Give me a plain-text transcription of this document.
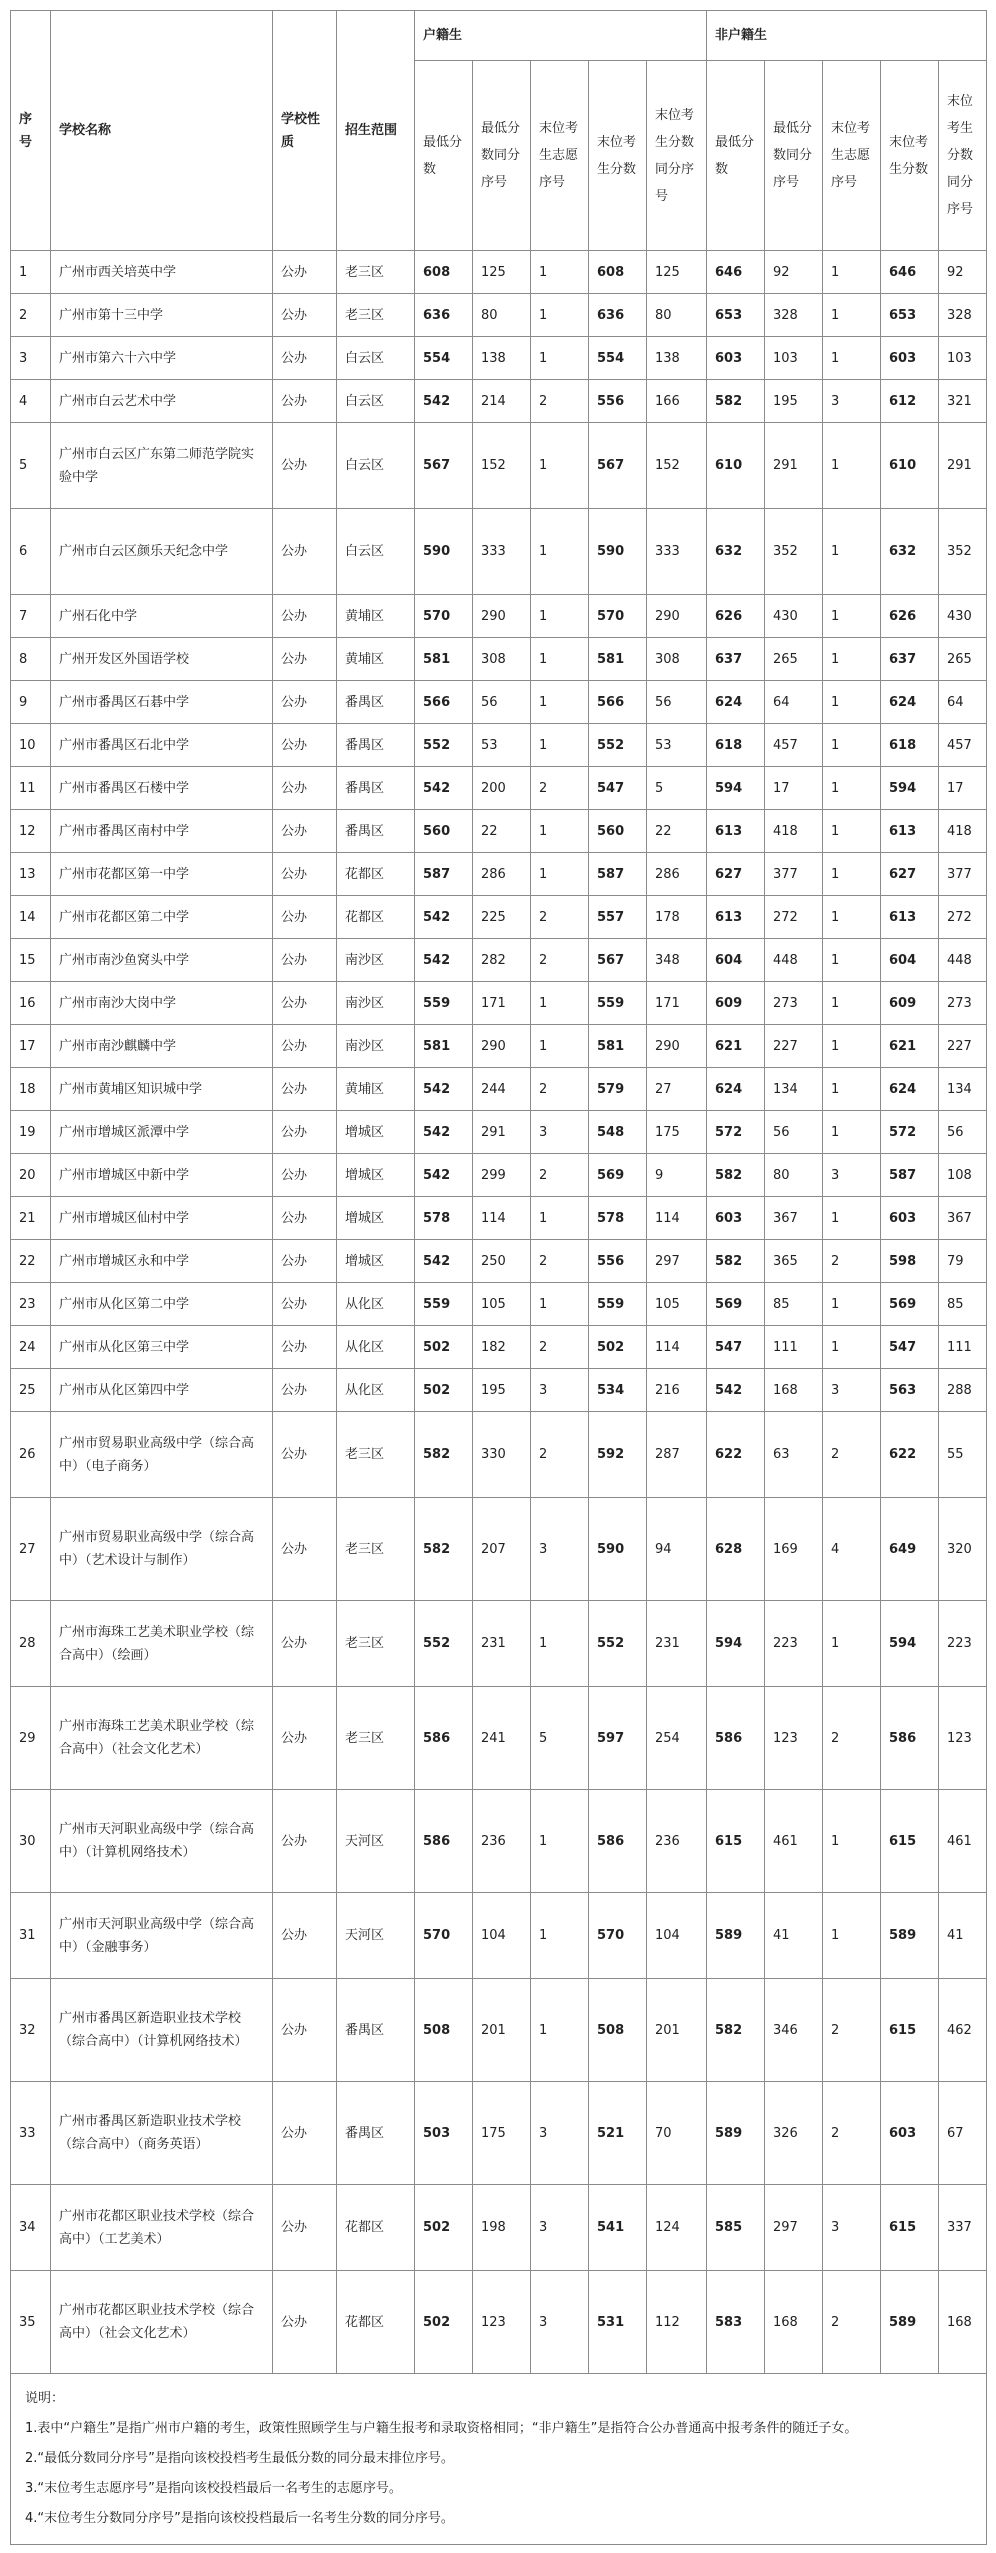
序号	学校名称	学校性质	招生范围	户籍生					非户籍生				
				最低分数	最低分数同分序号	末位考生志愿序号	末位考生分数	末位考生分数同分序号	最低分数	最低分数同分序号	末位考生志愿序号	末位考生分数	末位考生分数同分序号
1	广州市西关培英中学	公办	老三区	608	125	1	608	125	646	92	1	646	92
2	广州市第十三中学	公办	老三区	636	80	1	636	80	653	328	1	653	328
3	广州市第六十六中学	公办	白云区	554	138	1	554	138	603	103	1	603	103
4	广州市白云艺术中学	公办	白云区	542	214	2	556	166	582	195	3	612	321
5	广州市白云区广东第二师范学院实验中学	公办	白云区	567	152	1	567	152	610	291	1	610	291
6	广州市白云区颜乐天纪念中学	公办	白云区	590	333	1	590	333	632	352	1	632	352
7	广州石化中学	公办	黄埔区	570	290	1	570	290	626	430	1	626	430
8	广州开发区外国语学校	公办	黄埔区	581	308	1	581	308	637	265	1	637	265
9	广州市番禺区石碁中学	公办	番禺区	566	56	1	566	56	624	64	1	624	64
10	广州市番禺区石北中学	公办	番禺区	552	53	1	552	53	618	457	1	618	457
11	广州市番禺区石楼中学	公办	番禺区	542	200	2	547	5	594	17	1	594	17
12	广州市番禺区南村中学	公办	番禺区	560	22	1	560	22	613	418	1	613	418
13	广州市花都区第一中学	公办	花都区	587	286	1	587	286	627	377	1	627	377
14	广州市花都区第二中学	公办	花都区	542	225	2	557	178	613	272	1	613	272
15	广州市南沙鱼窝头中学	公办	南沙区	542	282	2	567	348	604	448	1	604	448
16	广州市南沙大岗中学	公办	南沙区	559	171	1	559	171	609	273	1	609	273
17	广州市南沙麒麟中学	公办	南沙区	581	290	1	581	290	621	227	1	621	227
18	广州市黄埔区知识城中学	公办	黄埔区	542	244	2	579	27	624	134	1	624	134
19	广州市增城区派潭中学	公办	增城区	542	291	3	548	175	572	56	1	572	56
20	广州市增城区中新中学	公办	增城区	542	299	2	569	9	582	80	3	587	108
21	广州市增城区仙村中学	公办	增城区	578	114	1	578	114	603	367	1	603	367
22	广州市增城区永和中学	公办	增城区	542	250	2	556	297	582	365	2	598	79
23	广州市从化区第二中学	公办	从化区	559	105	1	559	105	569	85	1	569	85
24	广州市从化区第三中学	公办	从化区	502	182	2	502	114	547	111	1	547	111
25	广州市从化区第四中学	公办	从化区	502	195	3	534	216	542	168	3	563	288
26	广州市贸易职业高级中学（综合高中）（电子商务）	公办	老三区	582	330	2	592	287	622	63	2	622	55
27	广州市贸易职业高级中学（综合高中）（艺术设计与制作）	公办	老三区	582	207	3	590	94	628	169	4	649	320
28	广州市海珠工艺美术职业学校（综合高中）（绘画）	公办	老三区	552	231	1	552	231	594	223	1	594	223
29	广州市海珠工艺美术职业学校（综合高中）（社会文化艺术）	公办	老三区	586	241	5	597	254	586	123	2	586	123
30	广州市天河职业高级中学（综合高中）（计算机网络技术）	公办	天河区	586	236	1	586	236	615	461	1	615	461
31	广州市天河职业高级中学（综合高中）（金融事务）	公办	天河区	570	104	1	570	104	589	41	1	589	41
32	广州市番禺区新造职业技术学校（综合高中）（计算机网络技术）	公办	番禺区	508	201	1	508	201	582	346	2	615	462
33	广州市番禺区新造职业技术学校（综合高中）（商务英语）	公办	番禺区	503	175	3	521	70	589	326	2	603	67
34	广州市花都区职业技术学校（综合高中）（工艺美术）	公办	花都区	502	198	3	541	124	585	297	3	615	337
35	广州市花都区职业技术学校（综合高中）（社会文化艺术）	公办	花都区	502	123	3	531	112	583	168	2	589	168

说明：
1.表中“户籍生”是指广州市户籍的考生，政策性照顾学生与户籍生报考和录取资格相同；“非户籍生”是指符合公办普通高中报考条件的随迁子女。
2.“最低分数同分序号”是指向该校投档考生最低分数的同分最末排位序号。
3.“末位考生志愿序号”是指向该校投档最后一名考生的志愿序号。
4.“末位考生分数同分序号”是指向该校投档最后一名考生分数的同分序号。													
